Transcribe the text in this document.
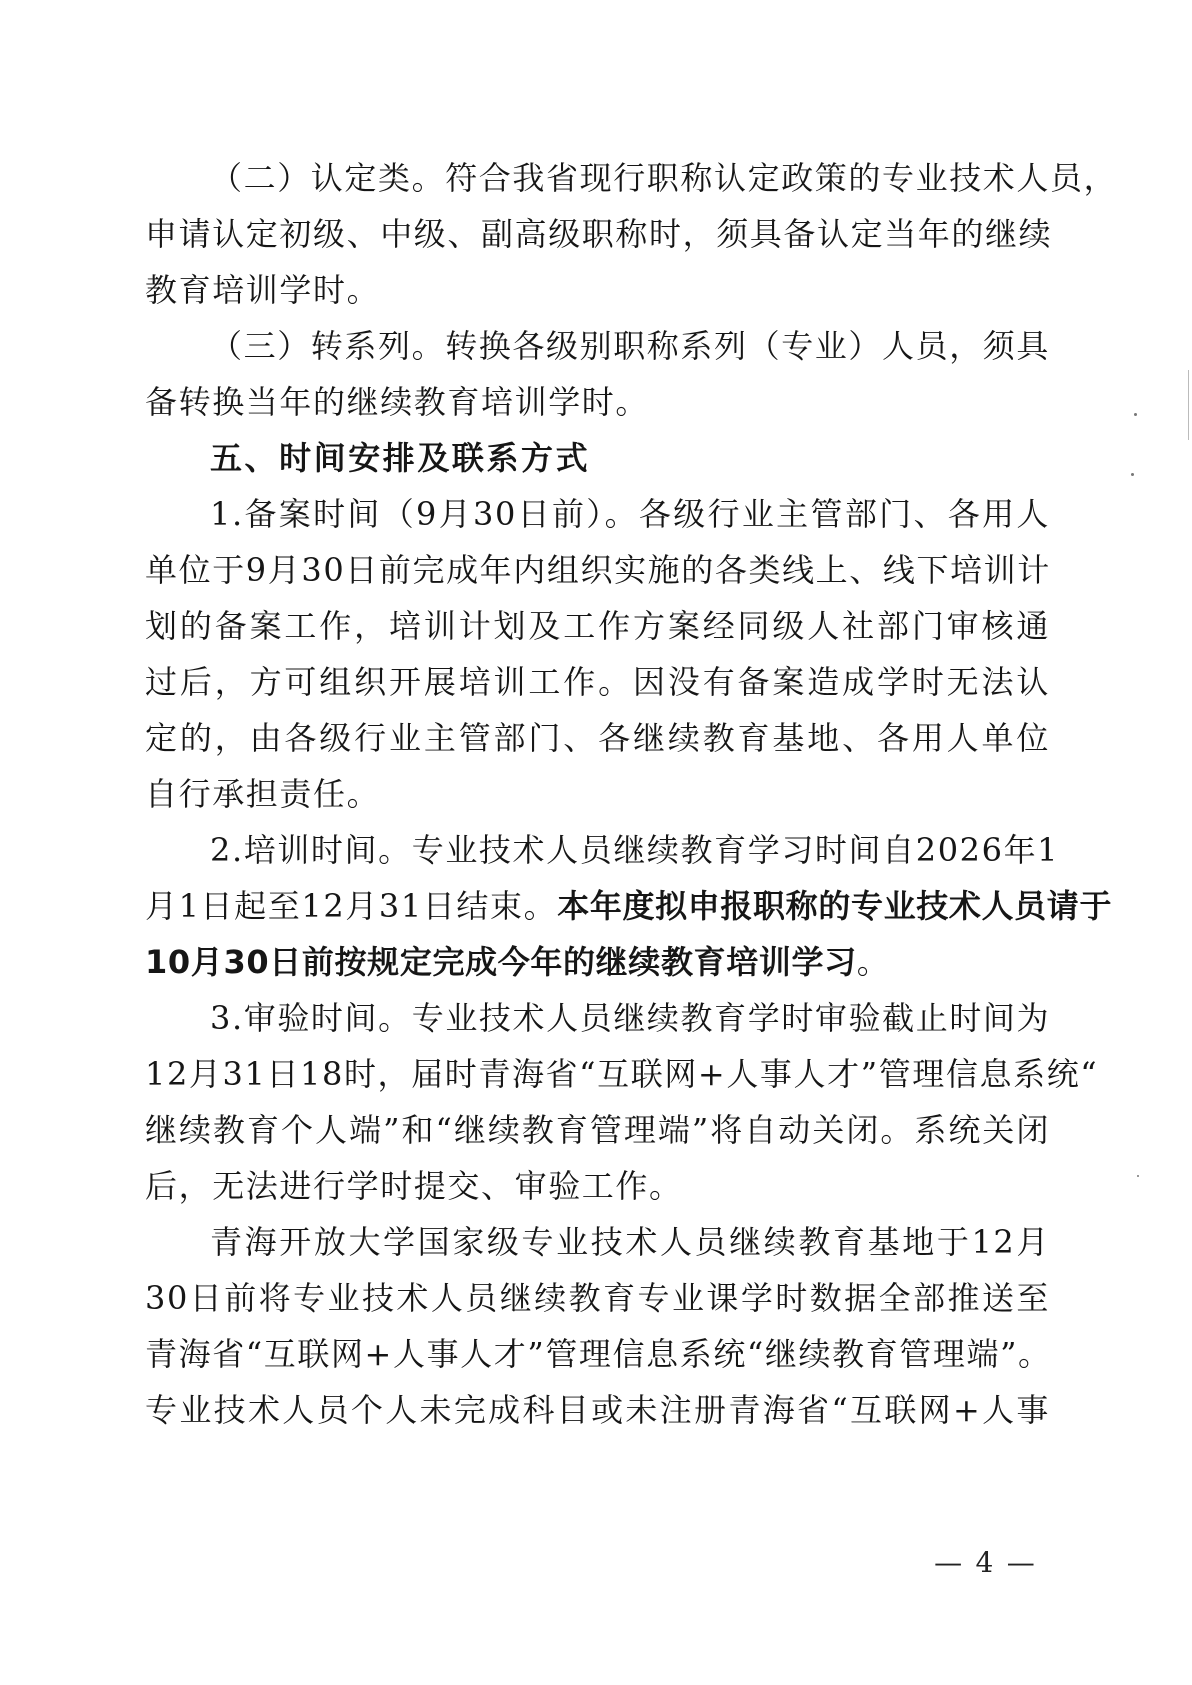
（二）认定类。符合我省现行职称认定政策的专业技术人员，
申请认定初级、中级、副高级职称时，须具备认定当年的继续
教育培训学时。
（三）转系列。转换各级别职称系列（专业）人员，须具
备转换当年的继续教育培训学时。
五、时间安排及联系方式
1.备案时间（9月30日前）。各级行业主管部门、各用人
单位于9月30日前完成年内组织实施的各类线上、线下培训计
划的备案工作，培训计划及工作方案经同级人社部门审核通
过后，方可组织开展培训工作。因没有备案造成学时无法认
定的，由各级行业主管部门、各继续教育基地、各用人单位
自行承担责任。
2.培训时间。专业技术人员继续教育学习时间自2026年1
月1日起至12月31日结束。本年度拟申报职称的专业技术人员请于
10月30日前按规定完成今年的继续教育培训学习。
3.审验时间。专业技术人员继续教育学时审验截止时间为
12月31日18时，届时青海省“互联网+人事人才”管理信息系统“
继续教育个人端”和“继续教育管理端”将自动关闭。系统关闭
后，无法进行学时提交、审验工作。
青海开放大学国家级专业技术人员继续教育基地于12月
30日前将专业技术人员继续教育专业课学时数据全部推送至
青海省“互联网+人事人才”管理信息系统“继续教育管理端”。
专业技术人员个人未完成科目或未注册青海省“互联网+人事
— 4 —
